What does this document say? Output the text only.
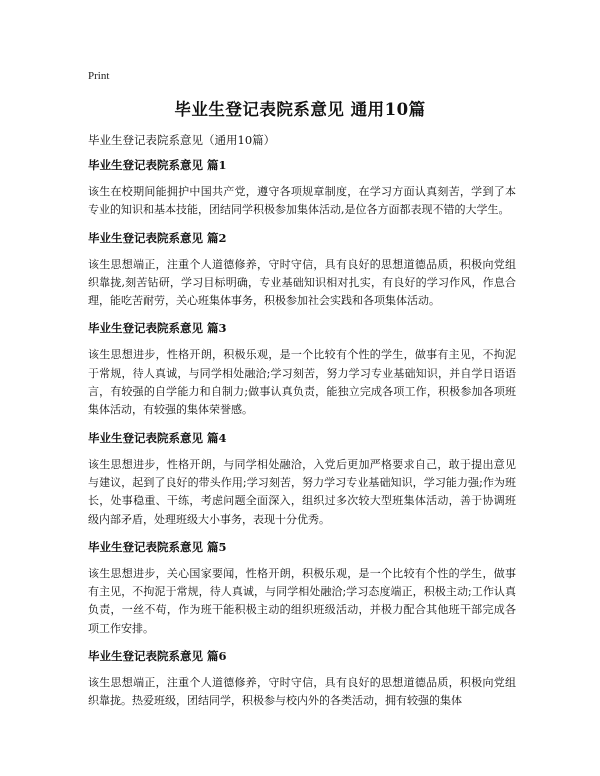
Print
毕业生登记表院系意见 通用10篇

毕业生登记表院系意见（通用10篇）

毕业生登记表院系意见 篇1

该生在校期间能拥护中国共产党，遵守各项规章制度，在学习方面认真刻苦，学到了本专业的知识和基本技能，团结同学积极参加集体活动,是位各方面都表现不错的大学生。

毕业生登记表院系意见 篇2

该生思想端正，注重个人道德修养，守时守信，具有良好的思想道德品质，积极向党组织靠拢,刻苦钻研，学习目标明确，专业基础知识相对扎实，有良好的学习作风，作息合理，能吃苦耐劳，关心班集体事务，积极参加社会实践和各项集体活动。

毕业生登记表院系意见 篇3

该生思想进步，性格开朗，积极乐观，是一个比较有个性的学生，做事有主见，不拘泥于常规，待人真诚，与同学相处融洽;学习刻苦，努力学习专业基础知识，并自学日语语言，有较强的自学能力和自制力;做事认真负责，能独立完成各项工作，积极参加各项班集体活动，有较强的集体荣誉感。

毕业生登记表院系意见 篇4

该生思想进步，性格开朗，与同学相处融洽，入党后更加严格要求自己，敢于提出意见与建议，起到了良好的带头作用;学习刻苦，努力学习专业基础知识，学习能力强;作为班长，处事稳重、干练，考虑问题全面深入，组织过多次较大型班集体活动，善于协调班级内部矛盾，处理班级大小事务，表现十分优秀。

毕业生登记表院系意见 篇5

该生思想进步，关心国家要闻，性格开朗，积极乐观，是一个比较有个性的学生，做事有主见，不拘泥于常规，待人真诚，与同学相处融洽;学习态度端正，积极主动;工作认真负责，一丝不苟，作为班干能积极主动的组织班级活动，并极力配合其他班干部完成各项工作安排。

毕业生登记表院系意见 篇6

该生思想端正，注重个人道德修养，守时守信，具有良好的思想道德品质，积极向党组织靠拢。热爱班级，团结同学，积极参与校内外的各类活动，拥有较强的集体
